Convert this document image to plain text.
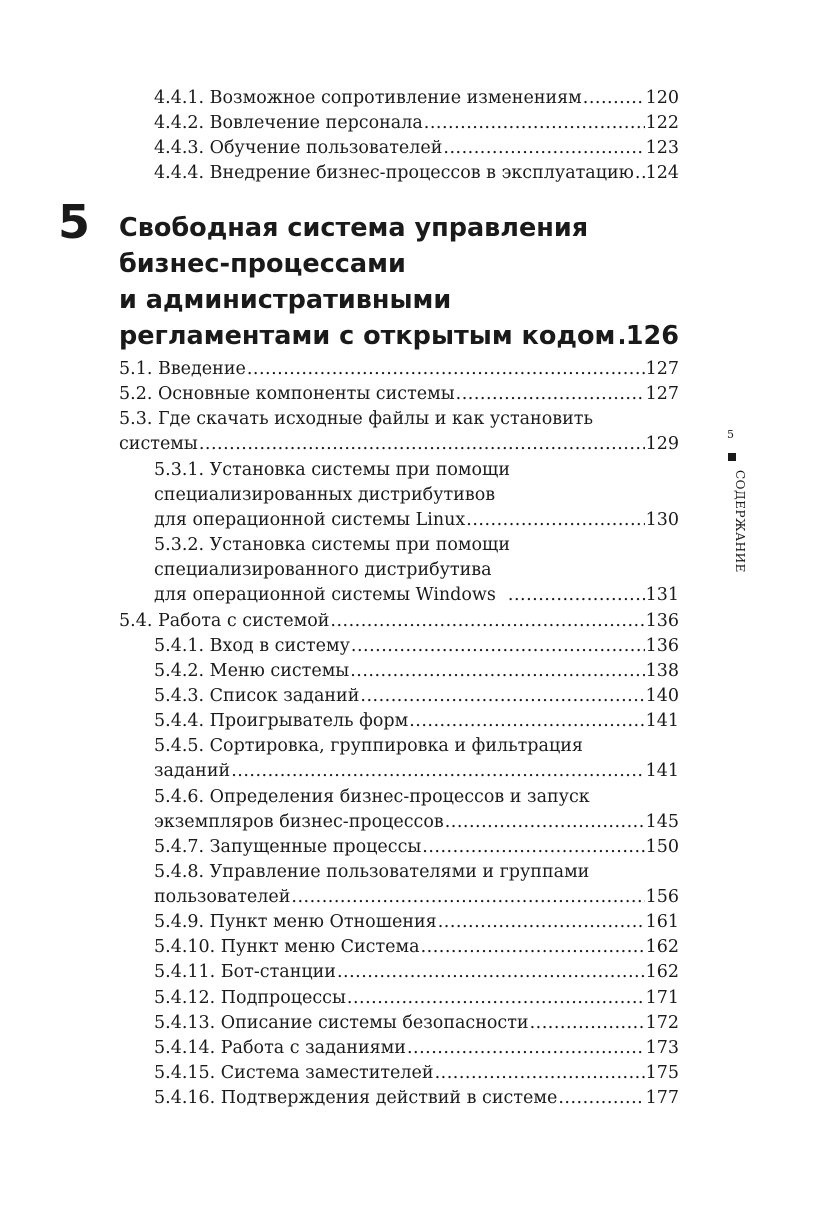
4.4.1. Возможное сопротивление изменениям .....	120
4.4.2. Вовлечение персонала .....	122
4.4.3. Обучение пользователей .....	123
4.4.4. Внедрение бизнес-процессов в эксплуатацию ..... 124
5 Свободная система управления
бизнес-процессами
и административными
регламентами с открытым кодом ..... 126
5.1. Введение .....	127
5.2. Основные компоненты системы .....	127
5.3. Где скачать исходные файлы и как установить
системы .....	129
5.3.1. Установка системы при помощи
специализированных дистрибутивов
для операционной системы Linux .....	130
5.3.2. Установка системы при помощи
специализированного дистрибутива
для операционной системы Windows .....	131
5.4. Работа с системой .....	136
5.4.1. Вход в систему .....	136
5.4.2. Меню системы .....	138
5.4.3. Список заданий .....	140
5.4.4. Проигрыватель форм .....	141
5.4.5. Сортировка, группировка и фильтрация
заданий .....	141
5.4.6. Определения бизнес-процессов и запуск
экземпляров бизнес-процессов .....	145
5.4.7. Запущенные процессы .....	150
5.4.8. Управление пользователями и группами
пользователей .....	156
5.4.9. Пункт меню Отношения .....	161
5.4.10. Пункт меню Система .....	162
5.4.11. Бот-станции .....	162
5.4.12. Подпроцессы .....	171
5.4.13. Описание системы безопасности .....	172
5.4.14. Работа с заданиями .....	173
5.4.15. Система заместителей .....	175
5.4.16. Подтверждения действий в системе .....	177
5
СОДЕРЖАНИЕ
